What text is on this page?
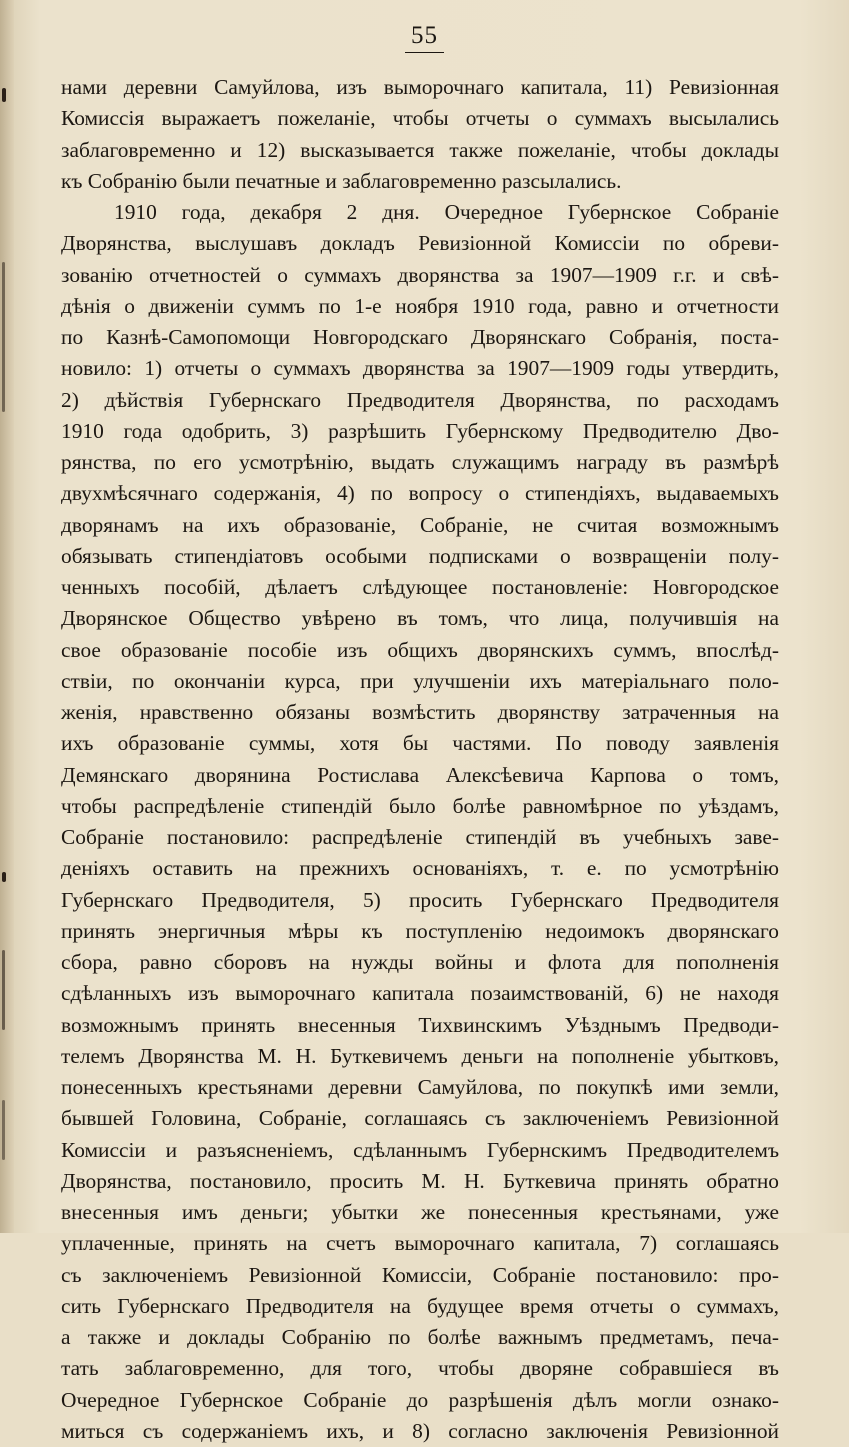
55
нами деревни Самуйлова, изъ выморочнаго капитала, 11) Ревизіонная
Комиссія выражаетъ пожеланіе, чтобы отчеты о суммахъ высылались
заблаговременно и 12) высказывается также пожеланіе, чтобы доклады
къ Собранію были печатные и заблаговременно разсылались.
1910 года, декабря 2 дня. Очередное Губернское Собраніе
Дворянства, выслушавъ докладъ Ревизіонной Комиссіи по обреви-
зованію отчетностей о суммахъ дворянства за 1907—1909 г.г. и свѣ-
дѣнія о движеніи суммъ по 1-е ноября 1910 года, равно и отчетности
по Казнѣ-Самопомощи Новгородскаго Дворянскаго Собранія, поста-
новило: 1) отчеты о суммахъ дворянства за 1907—1909 годы утвердить,
2) дѣйствія Губернскаго Предводителя Дворянства, по расходамъ
1910 года одобрить, 3) разрѣшить Губернскому Предводителю Дво-
рянства, по его усмотрѣнію, выдать служащимъ награду въ размѣрѣ
двухмѣсячнаго содержанія, 4) по вопросу о стипендіяхъ, выдаваемыхъ
дворянамъ на ихъ образованіе, Собраніе, не считая возможнымъ
обязывать стипендіатовъ особыми подписками о возвращеніи полу-
ченныхъ пособій, дѣлаетъ слѣдующее постановленіе: Новгородское
Дворянское Общество увѣрено въ томъ, что лица, получившія на
свое образованіе пособіе изъ общихъ дворянскихъ суммъ, впослѣд-
ствіи, по окончаніи курса, при улучшеніи ихъ матеріальнаго поло-
женія, нравственно обязаны возмѣстить дворянству затраченныя на
ихъ образованіе суммы, хотя бы частями. По поводу заявленія
Демянскаго дворянина Ростислава Алексѣевича Карпова о томъ,
чтобы распредѣленіе стипендій было болѣе равномѣрное по уѣздамъ,
Собраніе постановило: распредѣленіе стипендій въ учебныхъ заве-
деніяхъ оставить на прежнихъ основаніяхъ, т. е. по усмотрѣнію
Губернскаго Предводителя, 5) просить Губернскаго Предводителя
принять энергичныя мѣры къ поступленію недоимокъ дворянскаго
сбора, равно сборовъ на нужды войны и флота для пополненія
сдѣланныхъ изъ выморочнаго капитала позаимствованій, 6) не находя
возможнымъ принять внесенныя Тихвинскимъ Уѣзднымъ Предводи-
телемъ Дворянства М. Н. Буткевичемъ деньги на пополненіе убытковъ,
понесенныхъ крестьянами деревни Самуйлова, по покупкѣ ими земли,
бывшей Головина, Собраніе, соглашаясь съ заключеніемъ Ревизіонной
Комиссіи и разъясненіемъ, сдѣланнымъ Губернскимъ Предводителемъ
Дворянства, постановило, просить М. Н. Буткевича принять обратно
внесенныя имъ деньги; убытки же понесенныя крестьянами, уже
уплаченные, принять на счетъ выморочнаго капитала, 7) соглашаясь
съ заключеніемъ Ревизіонной Комиссіи, Собраніе постановило: про-
сить Губернскаго Предводителя на будущее время отчеты о суммахъ,
а также и доклады Собранію по болѣе важнымъ предметамъ, печа-
тать заблаговременно, для того, чтобы дворяне собравшіеся въ
Очередное Губернское Собраніе до разрѣшенія дѣлъ могли ознако-
миться съ содержаніемъ ихъ, и 8) согласно заключенія Ревизіонной
